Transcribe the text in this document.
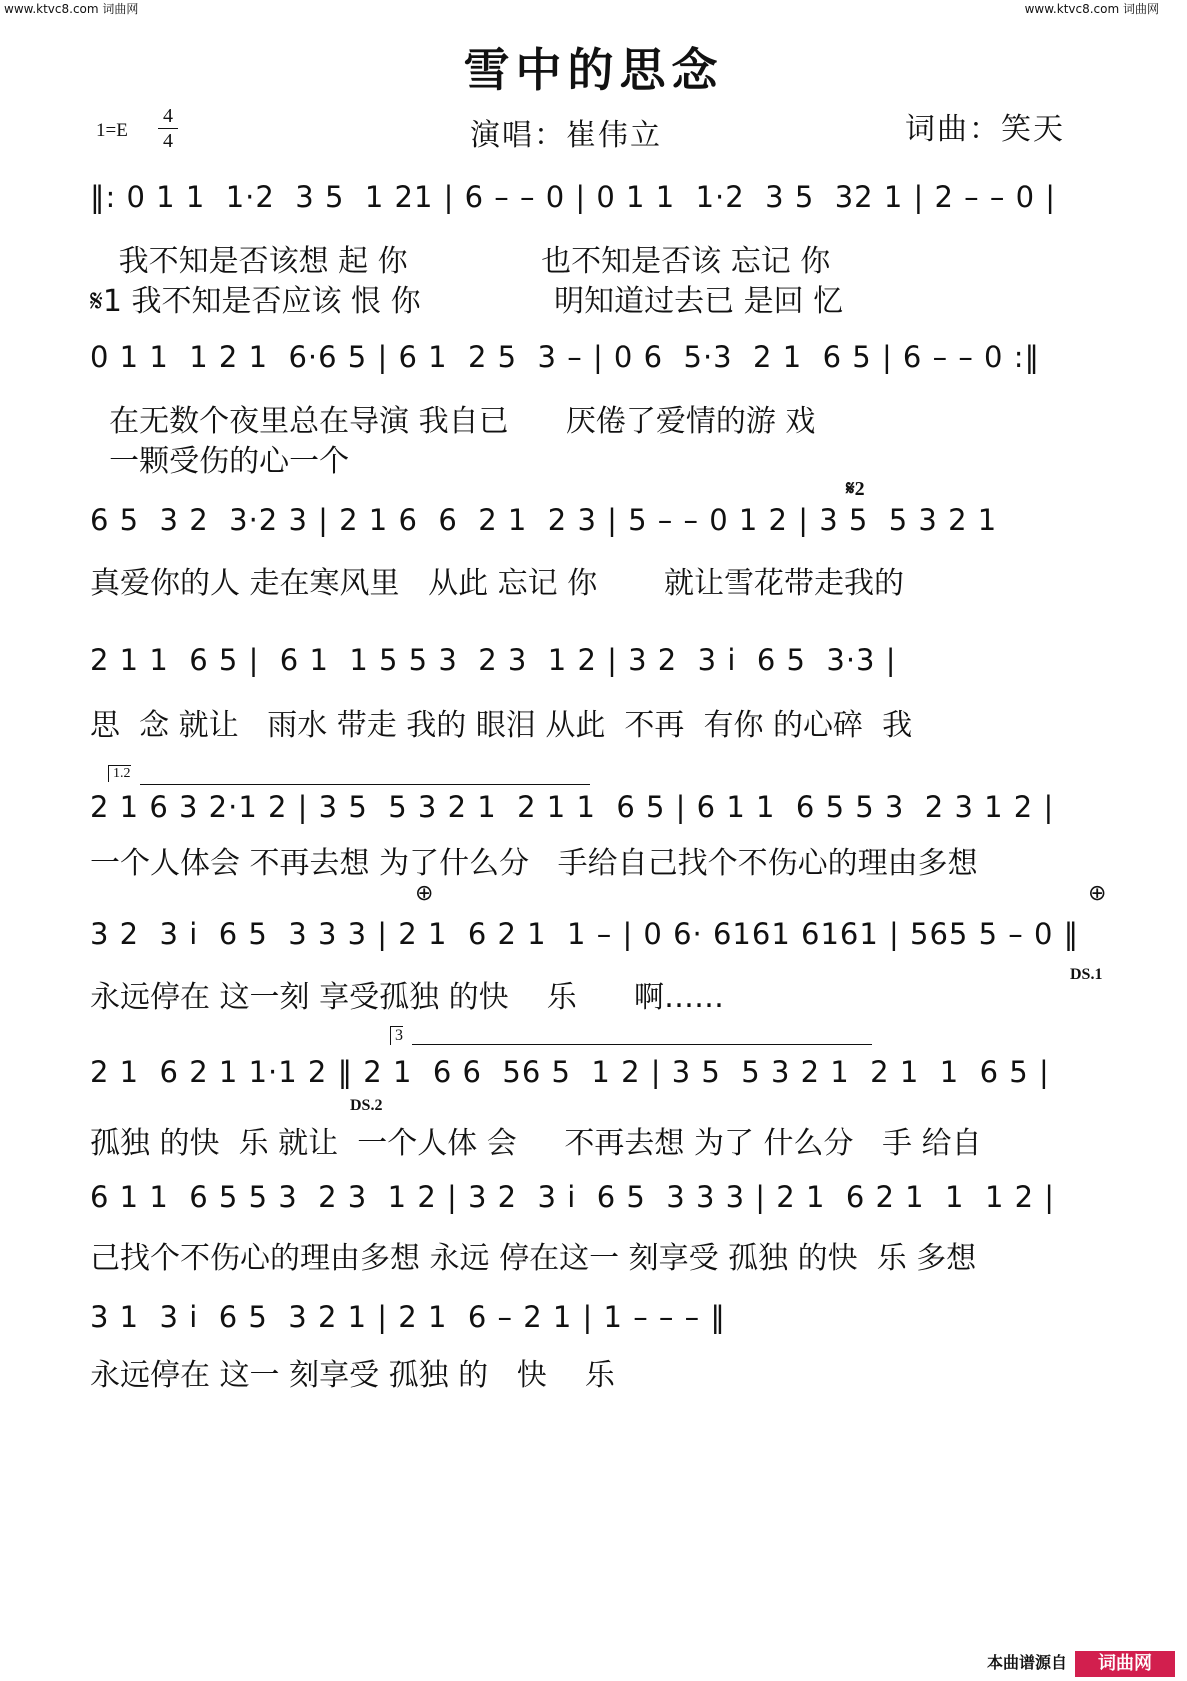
www.ktvc8.com 词曲网	www.ktvc8.com 词曲网
雪中的思念
1=E
4
4	演唱：崔伟立	词曲：笑天
‖: 0 1 1  1·2  3 5  1 21 | 6 – – 0 | 0 1 1  1·2  3 5  32 1 | 2 – – 0 |
我不知是否该想 起 你              也不知是否该 忘记 你
𝄋1 我不知是否应该 恨 你              明知道过去已 是回 忆
0 1 1  1 2 1  6·6 5 | 6 1  2 5  3 – | 0 6  5·3  2 1  6 5 | 6 – – 0 :‖
在无数个夜里总在导演 我自已      厌倦了爱情的游 戏
一颗受伤的心一个
𝄋2
6 5  3 2  3·2 3 | 2 1 6  6  2 1  2 3 | 5 – – 0 1 2 | 3 5  5 3 2 1
真爱你的人 走在寒风里   从此 忘记 你       就让雪花带走我的
2 1 1  6 5 |  6 1  1 5 5 3  2 3  1 2 | 3 2  3 i  6 5  3·3 |
思  念 就让   雨水 带走 我的 眼泪 从此  不再  有你 的心碎  我
1.2
2 1 6 3 2·1 2 | 3 5  5 3 2 1  2 1 1  6 5 | 6 1 1  6 5 5 3  2 3 1 2 |
一个人体会 不再去想 为了什么分   手给自己找个不伤心的理由多想
⊕	⊕
3 2  3 i  6 5  3 3 3 | 2 1  6 2 1  1 – | 0 6· 6161 6161 | 565 5 – 0 ‖
DS.1
永远停在 这一刻 享受孤独 的快    乐      啊……
3
2 1  6 2 1 1·1 2 ‖ 2 1  6 6  56 5  1 2 | 3 5  5 3 2 1  2 1  1  6 5 |
DS.2
孤独 的快  乐 就让  一个人体 会     不再去想 为了 什么分   手 给自
6 1 1  6 5 5 3  2 3  1 2 | 3 2  3 i  6 5  3 3 3 | 2 1  6 2 1  1  1 2 |
己找个不伤心的理由多想 永远 停在这一 刻享受 孤独 的快  乐 多想
3 1  3 i  6 5  3 2 1 | 2 1  6 – 2 1 | 1 – – – ‖
永远停在 这一 刻享受 孤独 的   快    乐
本曲谱源自	词曲网
